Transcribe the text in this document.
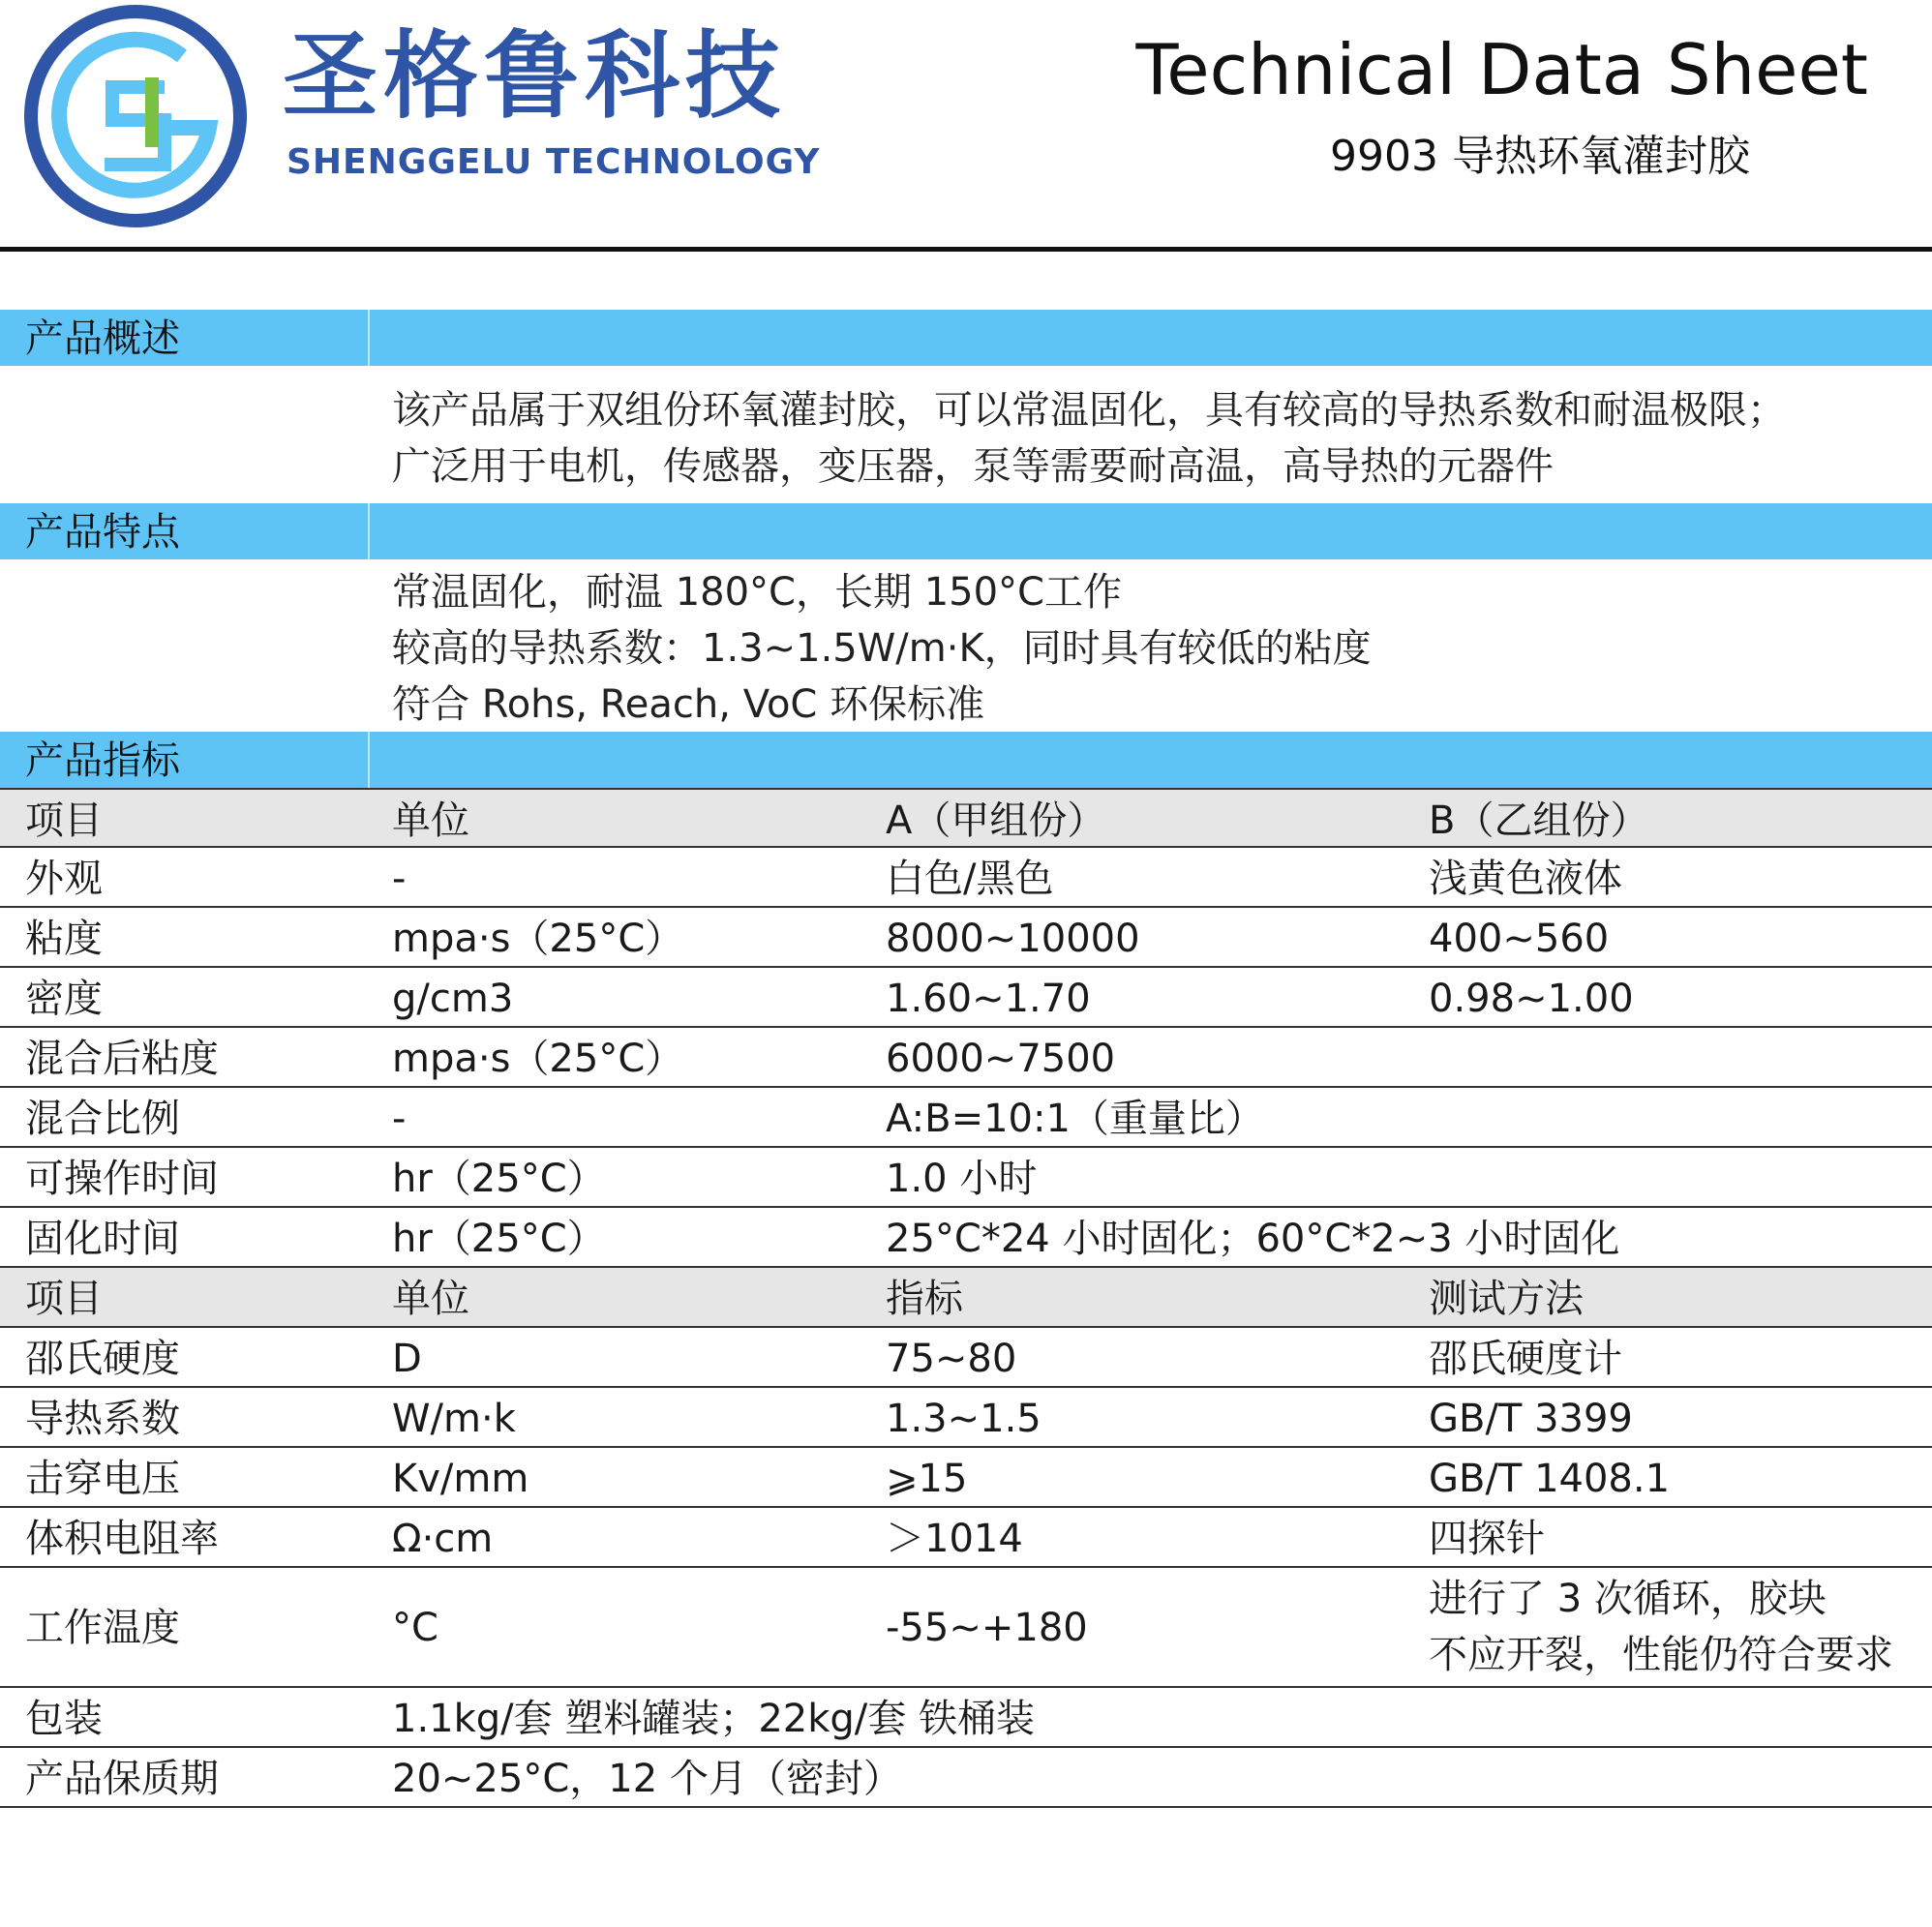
圣格鲁科技
SHENGGELU TECHNOLOGY
Technical Data Sheet
9903 导热环氧灌封胶
产品概述
该产品属于双组份环氧灌封胶，可以常温固化，具有较高的导热系数和耐温极限；
广泛用于电机，传感器，变压器，泵等需要耐高温，高导热的元器件
产品特点
常温固化，耐温 180°C，长期 150°C工作
较高的导热系数：1.3~1.5W/m·K，同时具有较低的粘度
符合 Rohs, Reach, VoC 环保标准
产品指标
项目	单位	A（甲组份）	B（乙组份）
外观	-	白色/黑色	浅黄色液体
粘度	mpa·s（25°C）	8000~10000	400~560
密度	g/cm3	1.60~1.70	0.98~1.00
混合后粘度	mpa·s（25°C）	6000~7500
混合比例	-	A:B=10:1（重量比）
可操作时间	hr（25°C）	1.0 小时
固化时间	hr（25°C）	25°C*24 小时固化；60°C*2~3 小时固化
项目	单位	指标	测试方法
邵氏硬度	D	75~80	邵氏硬度计
导热系数	W/m·k	1.3~1.5	GB/T 3399
击穿电压	Kv/mm	⩾15	GB/T 1408.1
体积电阻率	Ω·cm	＞1014	四探针
工作温度	°C	-55~+180
进行了 3 次循环，胶块
不应开裂，性能仍符合要求
包装	1.1kg/套 塑料罐装；22kg/套 铁桶装
产品保质期	20~25°C，12 个月（密封）
